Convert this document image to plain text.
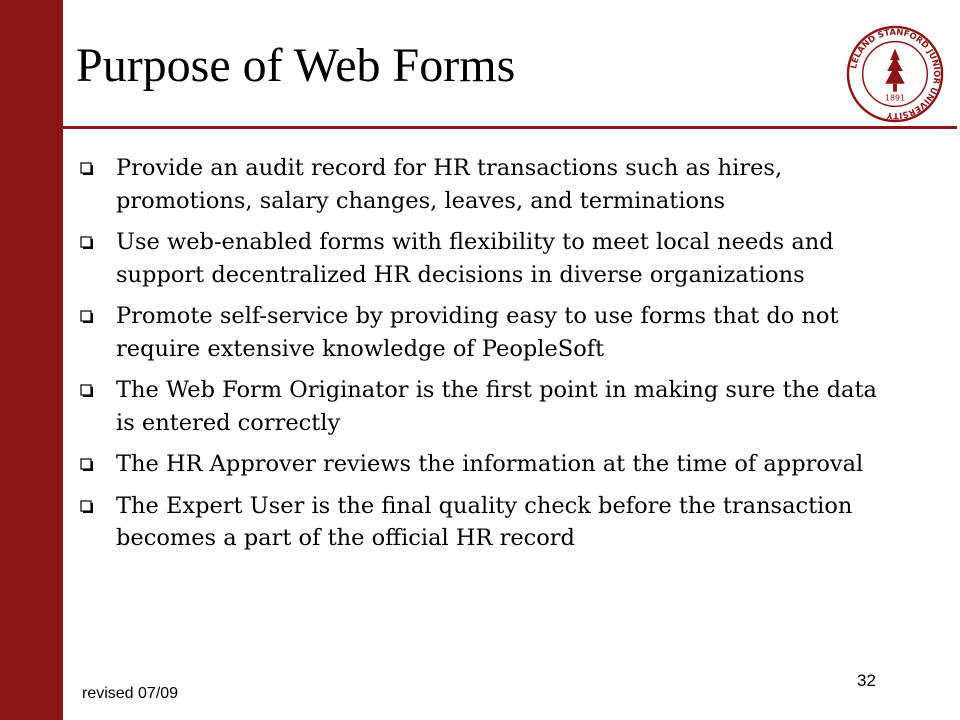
Purpose of Web Forms	LELAND STANFORD JUNIOR UNIVERSITY
1891
Provide an audit record for HR transactions such as hires, promotions, salary changes, leaves, and terminations
Use web-enabled forms with flexibility to meet local needs and support decentralized HR decisions in diverse organizations
Promote self-service by providing easy to use forms that do not require extensive knowledge of PeopleSoft
The Web Form Originator is the first point in making sure the data is entered correctly
The HR Approver reviews the information at the time of approval
The Expert User is the final quality check before the transaction becomes a part of the official HR record
revised 07/09
32
